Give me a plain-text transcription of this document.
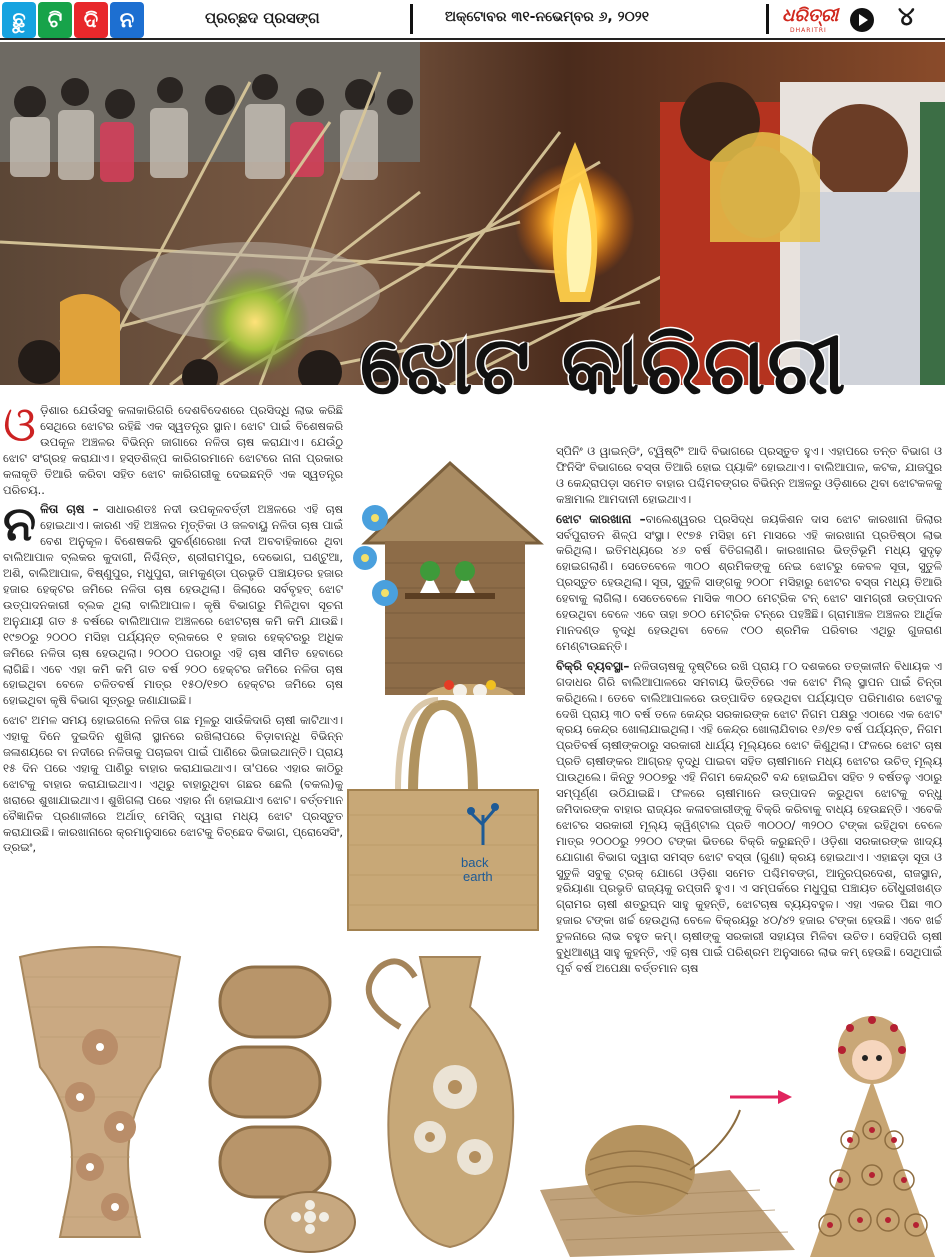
ଛୁ	ଟି	ଦି	ନ	ପ୍ରଚ୍ଛଦ ପ୍ରସଙ୍ଗ	ଅକ୍ଟୋବର ୩୧-ନଭେମ୍ବର ୬, ୨୦୨୧	ଧରିତ୍ରୀ
DHARITRI	୪
ଝୋଟ କାରିଗରୀ

ଓଡ଼ିଶାର ଯେଉଁସବୁ କଳାକାରିଗରି ଦେଶବିଦେଶରେ ପ୍ରସିଦ୍ଧି ଲାଭ କରିଛି ସେଥିରେ ଝୋଟର ରହିଛି ଏକ ସ୍ୱତନ୍ତ୍ର ସ୍ଥାନ। ଝୋଟ ପାଇଁ ବିଶେଷକରି ଉପକୂଳ ଅଞ୍ଚଳର ବିଭିନ୍ନ ଜାଗାରେ ନଳିତା ଚାଷ କରାଯାଏ। ଯେଉଁଠୁ ଝୋଟ ସଂଗ୍ରହ କରାଯାଏ। ହସ୍ତଶିଳ୍ପ କାରିଗରମାନେ ଝୋଟରେ ନାନା ପ୍ରକାର କଳାକୃତି ତିଆରି କରିବା ସହିତ ଝୋଟ କାରିଗରୀକୁ ଦେଇଛନ୍ତି ଏକ ସ୍ୱତନ୍ତ୍ର ପରିଚୟ..

ନଳିତା ଚାଷ – ସାଧାରଣତଃ ନଦୀ ଉପକୂଳବର୍ତ୍ତୀ ଅଞ୍ଚଳରେ ଏହି ଚାଷ ହୋଇଥାଏ। କାରଣ ଏହି ଅଞ୍ଚଳର ମୃତ୍ତିକା ଓ ଜଳବାୟୁ ନଳିତା ଚାଷ ପାଇଁ ବେଶ ଅନୁକୂଳ। ବିଶେଷକରି ସୁବର୍ଣ୍ଣରେଖା ନଦୀ ଅବବାହିକାରେ ଥିବା ବାଲିଆପାଳ ବ୍ଲକର କୁଦାଗୀ, ନିଶ୍ଚିନ୍ତ, ଶ୍ରୀରାମପୁର, ଦେଭୋଗ, ଘଣ୍ଟୁଆ, ଅଶି, ବାଲିଆପାଳ, ବିଷ୍ଣୁପୁର, ମଧୁପୁରା, ଜାମକୁଣ୍ଡା ପ୍ରଭୃତି ପଞ୍ଚାୟତର ହଜାର ହଜାର ହେକ୍ଟର ଜମିରେ ନଳିତା ଚାଷ ହେଉଥିଲା। ଜିଲାରେ ସର୍ବବୃହତ୍ ଝୋଟ ଉତ୍ପାଦନକାରୀ ବ୍ଲକ ଥିଲା ବାଲିଆପାଳ। କୃଷି ବିଭାଗରୁ ମିଳିଥିବା ସୂଚନା ଅନୁଯାୟୀ ଗତ ୫ ବର୍ଷରେ ବାଲିଆପାଳ ଅଞ୍ଚଳରେ ଝୋଟଚାଷ କମି କମି ଯାଉଛି। ୧୯୭୦ରୁ ୨୦୦୦ ମସିହା ପର୍ଯ୍ୟନ୍ତ ବ୍ଲକରେ ୧ ହଜାର ହେକ୍ଟରରୁ ଅଧିକ ଜମିରେ ନଳିତା ଚାଷ ହେଉଥିଲା। ୨୦୦୦ ପରଠାରୁ ଏହି ଚାଷ ସୀମିତ ହେବାରେ ଲାଗିଛି। ଏବେ ଏହା କମି କମି ଗତ ବର୍ଷ ୨୦୦ ହେକ୍ଟର ଜମିରେ ନଳିତା ଚାଷ ହୋଇଥିବା ବେଳେ ଚଳିତବର୍ଷ ମାତ୍ର ୧୫୦/୧୭୦ ହେକ୍ଟର ଜମିରେ ଚାଷ ହୋଇଥିବା କୃଷି ବିଭାଗ ସୂତ୍ରରୁ ଜଣାଯାଇଛି।

ଝୋଟ ଅମଳ ସମୟ ହୋଇଗଲେ ନଳିତା ଗଛ ମୂଳରୁ ସାଉଁକିଦାରି ଚାଷୀ କାଟିଥାଏ। ଏହାକୁ ଦିନେ ଦୁଇଦିନ ଶୁଖିଲା ସ୍ଥାନରେ ରଖିଲାପରେ ବିଡ଼ାବାନ୍ଧି ବିଭିନ୍ନ ଜଳାଶୟରେ ବା ନଦୀରେ ନଳିତାକୁ ପଚାଇବା ପାଇଁ ପାଣିରେ ଭିଜାଇଥାନ୍ତି। ପ୍ରାୟ ୧୫ ଦିନ ପରେ ଏହାକୁ ପାଣିରୁ ବାହାର କରାଯାଇଥାଏ। ତା'ପରେ ଏହାର କାଠିରୁ ଝୋଟକୁ ବାହାର କରାଯାଇଥାଏ। ଏଥିରୁ ବାହାରୁଥିବା ଗଛର ଛେଲି (ବକଲ)କୁ ଖରାରେ ଶୁଖାଯାଇଥାଏ। ଶୁଖିଗଲା ପରେ ଏହାର ନାଁ ହୋଇଯାଏ ଝୋଟ। ବର୍ତ୍ତମାନ ବୈଜ୍ଞାନିକ ପ୍ରଣାଳୀରେ ଅର୍ଥାତ୍ ମେସିନ୍ ଦ୍ୱାରା ମଧ୍ୟ ଝୋଟ ପ୍ରସ୍ତୁତ କରାଯାଉଛି। କାରଖାନାରେ କ୍ରମାନୁସାରେ ଝୋଟକୁ ବିଚ୍ଛେଦ ବିଭାଗ, ପ୍ରୋସେସିଂ, ଡ୍ରଇଂ,

ସ୍ପିନିଂ ଓ ୱାଇନ୍ଡିଂ, ଟ୍ୱିଷ୍ଟିଂ ଆଦି ବିଭାଗରେ ପ୍ରସ୍ତୁତ ହୁଏ। ଏହାପରେ ତନ୍ତ ବିଭାଗ ଓ ଫିନିସିଂ ବିଭାଗରେ ବସ୍ତା ତିଆରି ହୋଇ ପ୍ୟାକିଂ ହୋଇଥାଏ। ବାଲିଆପାଳ, କଟକ, ଯାଜପୁର ଓ କେନ୍ଦ୍ରାପଡ଼ା ସମେତ ବାହାର ପଶ୍ଚିମବଙ୍ଗର ବିଭିନ୍ନ ଅଞ୍ଚଳରୁ ଓଡ଼ିଶାରେ ଥିବା ଝୋଟକଳକୁ କଞ୍ଚାମାଲ ଆମଦାନୀ ହୋଇଥାଏ।

ଝୋଟ କାରଖାନା –ବାଲେଶ୍ୱରର ପ୍ରସିଦ୍ଧ ଜୟକିଶନ ଦାସ ଝୋଟ କାରଖାନା ଜିଲାର ସର୍ବପୁରାତନ ଶିଳ୍ପ ସଂସ୍ଥା। ୧୯୭୫ ମସିହା ମେ ମାସରେ ଏହି କାରଖାନା ପ୍ରତିଷ୍ଠା ଲାଭ କରିଥିଲା। ଇତିମଧ୍ୟରେ ୪୬ ବର୍ଷ ବିତିଗଲାଣି। କାରଖାନାର ଭିତ୍ତିଭୂମି ମଧ୍ୟ ସୁଦୃଢ଼ ହୋଇଗଲାଣି। ସେତେବେଳେ ୩୦୦ ଶ୍ରମିକଙ୍କୁ ନେଇ ଝୋଟରୁ କେବଳ ସୂତା, ସୁତୁଳି ପ୍ରସ୍ତୁତ ହେଉଥିଲା। ସୂତା, ସୁତୁଳି ସାଙ୍ଗକୁ ୨୦୦୮ ମସିହାରୁ ଝୋଟର ବସ୍ତା ମଧ୍ୟ ତିଆରି ହେବାକୁ ଲାଗିଲା। ସେତେବେଳେ ମାସିକ ୩୦୦ ମେଟ୍ରିକ ଟନ୍ ଝୋଟ ସାମଗ୍ରୀ ଉତ୍ପାଦନ ହେଉଥିବା ବେଳେ ଏବେ ତାହା ୭୦୦ ମେଟ୍ରିକ ଟନ୍‌ରେ ପହଞ୍ଚିଛି। ଗ୍ରାମାଞ୍ଚଳ ଅଞ୍ଚଳର ଆର୍ଥିକ ମାନଦଣ୍ଡ ବୃଦ୍ଧି ହେଉଥିବା ବେଳେ ୯୦୦ ଶ୍ରମିକ ପରିବାର ଏଥିରୁ ଗୁଜରାଣ ମେଣ୍ଟାଉଛନ୍ତି।

ବିକ୍ରି ବ୍ୟବସ୍ଥା– ନଳିତାଚାଷକୁ ଦୃଷ୍ଟିରେ ରଖି ପ୍ରାୟ ୮୦ ଦଶକରେ ତତ୍କାଳୀନ ବିଧାୟକ ଏ ଗଦାଧର ଗିରି ବାଲିଆପାଳରେ ସମବାୟ ଭିତ୍ତିରେ ଏକ ଝୋଟ ମିଲ୍ ସ୍ଥାପନ ପାଇଁ ଚିନ୍ତା କରିଥିଲେ। ତେବେ ବାଲିଆପାଳରେ ଉତ୍ପାଦିତ ହେଉଥିବା ପର୍ଯ୍ୟାପ୍ତ ପରିମାଣର ଝୋଟକୁ ଦେଖି ପ୍ରାୟ ୩୦ ବର୍ଷ ତଳେ କେନ୍ଦ୍ର ସରକାରଙ୍କ ଝୋଟ ନିଗମ ପକ୍ଷରୁ ଏଠାରେ ଏକ ଝୋଟ କ୍ରୟ କେନ୍ଦ୍ର ଖୋଲାଯାଇଥିଲା। ଏହି କେନ୍ଦ୍ର ଖୋଲାଯିବାର ୧୬/୧୭ ବର୍ଷ ପର୍ଯ୍ୟନ୍ତ, ନିଗମ ପ୍ରତିବର୍ଷ ଚାଷୀଙ୍କଠାରୁ ସରକାରୀ ଧାର୍ଯ୍ୟ ମୂଲ୍ୟରେ ଝୋଟ କିଣୁଥିଲା। ଫଳରେ ଝୋଟ ଚାଷ ପ୍ରତି ଚାଷୀଙ୍କର ଆଗ୍ରହ ବୃଦ୍ଧି ପାଇବା ସହିତ ଚାଷୀମାନେ ମଧ୍ୟ ଝୋଟର ଉଚିତ୍ ମୂଲ୍ୟ ପାଉଥିଲେ। କିନ୍ତୁ ୨୦୦୭ରୁ ଏହି ନିଗମ କେନ୍ଦ୍ରଟି ବନ୍ଦ ହୋଇଯିବା ସହିତ ୨ ବର୍ଷତଳୁ ଏଠାରୁ ସମ୍ପୂର୍ଣ୍ଣ ଉଠିଯାଇଛି। ଫଳରେ ଚାଷୀମାନେ ଉତ୍ପାଦନ କରୁଥିବା ଝୋଟକୁ ବନ୍ଧୁ ଜମିଦାରଙ୍କ ବାହାର ରାଜ୍ୟର କଳାବଜାରୀଙ୍କୁ ବିକ୍ରି କରିବାକୁ ବାଧ୍ୟ ହେଉଛନ୍ତି। ଏବେକି ଝୋଟର ସରକାରୀ ମୂଲ୍ୟ କ୍ୱିଣ୍ଟାଲ ପ୍ରତି ୩୦୦୦/ ୩୨୦୦ ଟଙ୍କା ରହିଥିବା ବେଳେ ମାତ୍ର ୨୦୦୦ରୁ ୨୨୦୦ ଟଙ୍କା ଭିତରେ ବିକ୍ରି କରୁଛନ୍ତି। ଓଡ଼ିଶା ସରକାରଙ୍କ ଖାଦ୍ୟ ଯୋଗାଣ ବିଭାଗ ଦ୍ୱାରା ସମସ୍ତ ଝୋଟ ବସ୍ତା (ଗୁଣା) କ୍ରୟ ହୋଇଥାଏ। ଏହାଛଡ଼ା ସୂତା ଓ ସୁତୁଳି ସବୁକୁ ଟ୍ରକ୍ ଯୋଗେ ଓଡ଼ିଶା ସମେତ ପଶ୍ଚିମବଙ୍ଗ, ଆନ୍ଧ୍ରପ୍ରଦେଶ, ରାଜସ୍ଥାନ, ହରିୟାଣା ପ୍ରଭୃତି ରାଜ୍ୟକୁ ରପ୍ତାନି ହୁଏ। ଏ ସମ୍ପର୍କରେ ମଧୁପୁରା ପଞ୍ଚାୟତ ଚୌଧୁରୀଖଣ୍ଡ ଗ୍ରାମର ଚାଷୀ ଶତ୍ରୁଘ୍ନ ସାହୁ କୁହନ୍ତି, ଝୋଟଚାଷ ବ୍ୟୟବହୁଳ। ଏହା ଏକର ପିଛା ୩୦ ହଜାର ଟଙ୍କା ଖର୍ଚ୍ଚ ହେଉଥିଲା ବେଳେ ବିକ୍ରୟରୁ ୪୦/୪୨ ହଜାର ଟଙ୍କା ହେଉଛି। ଏବେ ଖର୍ଚ୍ଚ ତୁଳନାରେ ଲାଭ ବହୁତ କମ୍। ଚାଷୀଙ୍କୁ ସରକାରୀ ସହାୟତା ମିଳିବା ଉଚିତ। ସେହିପରି ଚାଷୀ ବୁଧିଆଶ୍ୱ ସାହୁ କୁହନ୍ତି, ଏହି ଚାଷ ପାଇଁ ପରିଶ୍ରମ ଅନୁସାରେ ଲାଭ କମ୍ ହେଉଛି। ସେଥିପାଇଁ ପୂର୍ବ ବର୍ଷ ଅପେକ୍ଷା ବର୍ତ୍ତମାନ ଚାଷ

back
earth
